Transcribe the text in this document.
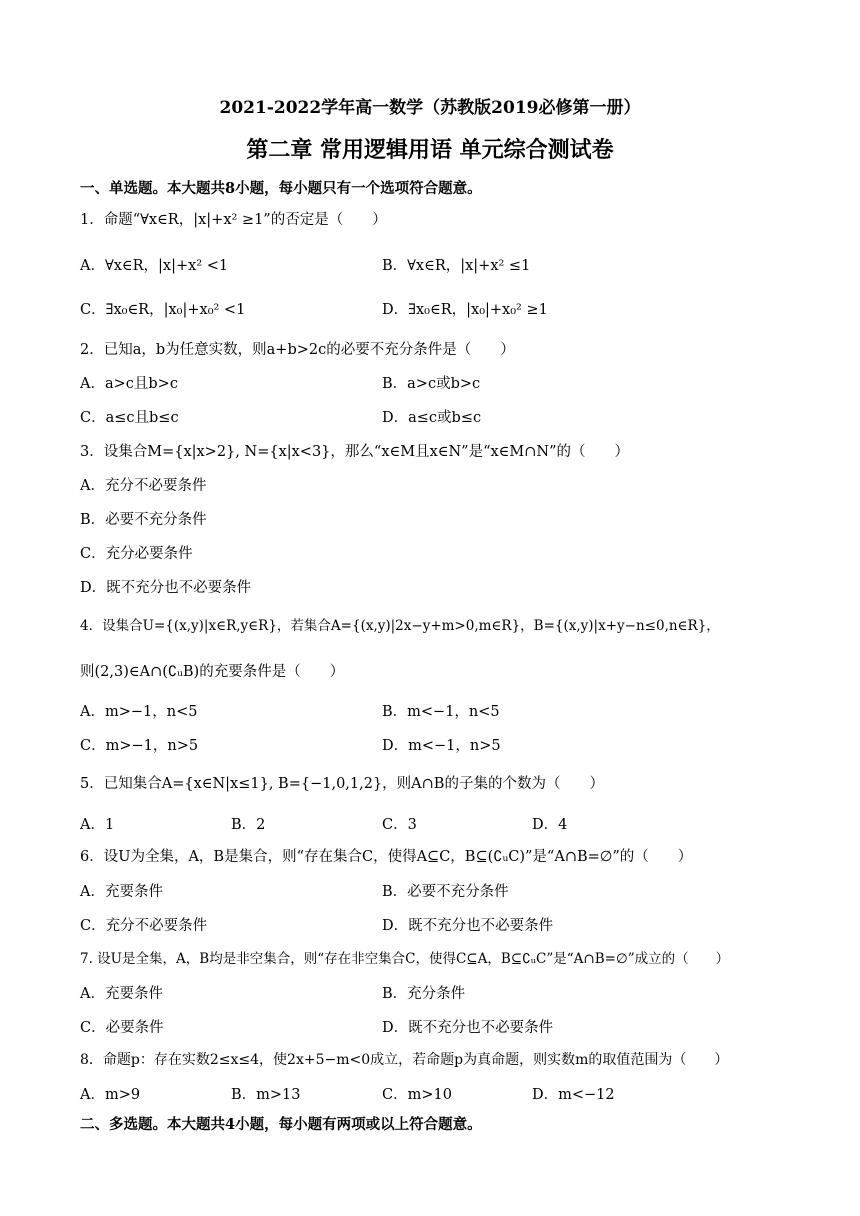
2021-2022学年高一数学（苏教版2019必修第一册）
第二章 常用逻辑用语 单元综合测试卷
一、单选题。本大题共8小题，每小题只有一个选项符合题意。
1．命题“∀x∈R，|x|+x² ≥1”的否定是（　　）
A．∀x∈R，|x|+x² <1	B．∀x∈R，|x|+x² ≤1
C．∃x₀∈R，|x₀|+x₀² <1	D．∃x₀∈R，|x₀|+x₀² ≥1
2．已知a，b为任意实数，则a+b>2c的必要不充分条件是（　　）
A．a>c且b>c	B．a>c或b>c
C．a≤c且b≤c	D．a≤c或b≤c
3．设集合M={x|x>2}, N={x|x<3}，那么“x∈M且x∈N”是“x∈M∩N”的（　　）
A．充分不必要条件
B．必要不充分条件
C．充分必要条件
D．既不充分也不必要条件
4．设集合U={(x,y)|x∈R,y∈R}，若集合A={(x,y)|2x−y+m>0,m∈R}，B={(x,y)|x+y−n≤0,n∈R}，
则(2,3)∈A∩(∁ᵤB)的充要条件是（　　）
A．m>−1，n<5	B．m<−1，n<5
C．m>−1，n>5	D．m<−1，n>5
5．已知集合A={x∈N|x≤1}, B={−1,0,1,2}，则A∩B的子集的个数为（　　）
A．1	B．2	C．3	D．4
6．设U为全集，A，B是集合，则“存在集合C，使得A⊆C，B⊆(∁ᵤC)”是“A∩B=∅”的（　　）
A．充要条件	B．必要不充分条件
C．充分不必要条件	D．既不充分也不必要条件
7. 设U是全集，A，B均是非空集合，则“存在非空集合C，使得C⊆A，B⊆∁ᵤC”是“A∩B=∅”成立的（　　）
A．充要条件	B．充分条件
C．必要条件	D．既不充分也不必要条件
8．命题p：存在实数2≤x≤4，使2x+5−m<0成立，若命题p为真命题，则实数m的取值范围为（　　）
A．m>9	B．m>13	C．m>10	D．m<−12
二、多选题。本大题共4小题，每小题有两项或以上符合题意。
